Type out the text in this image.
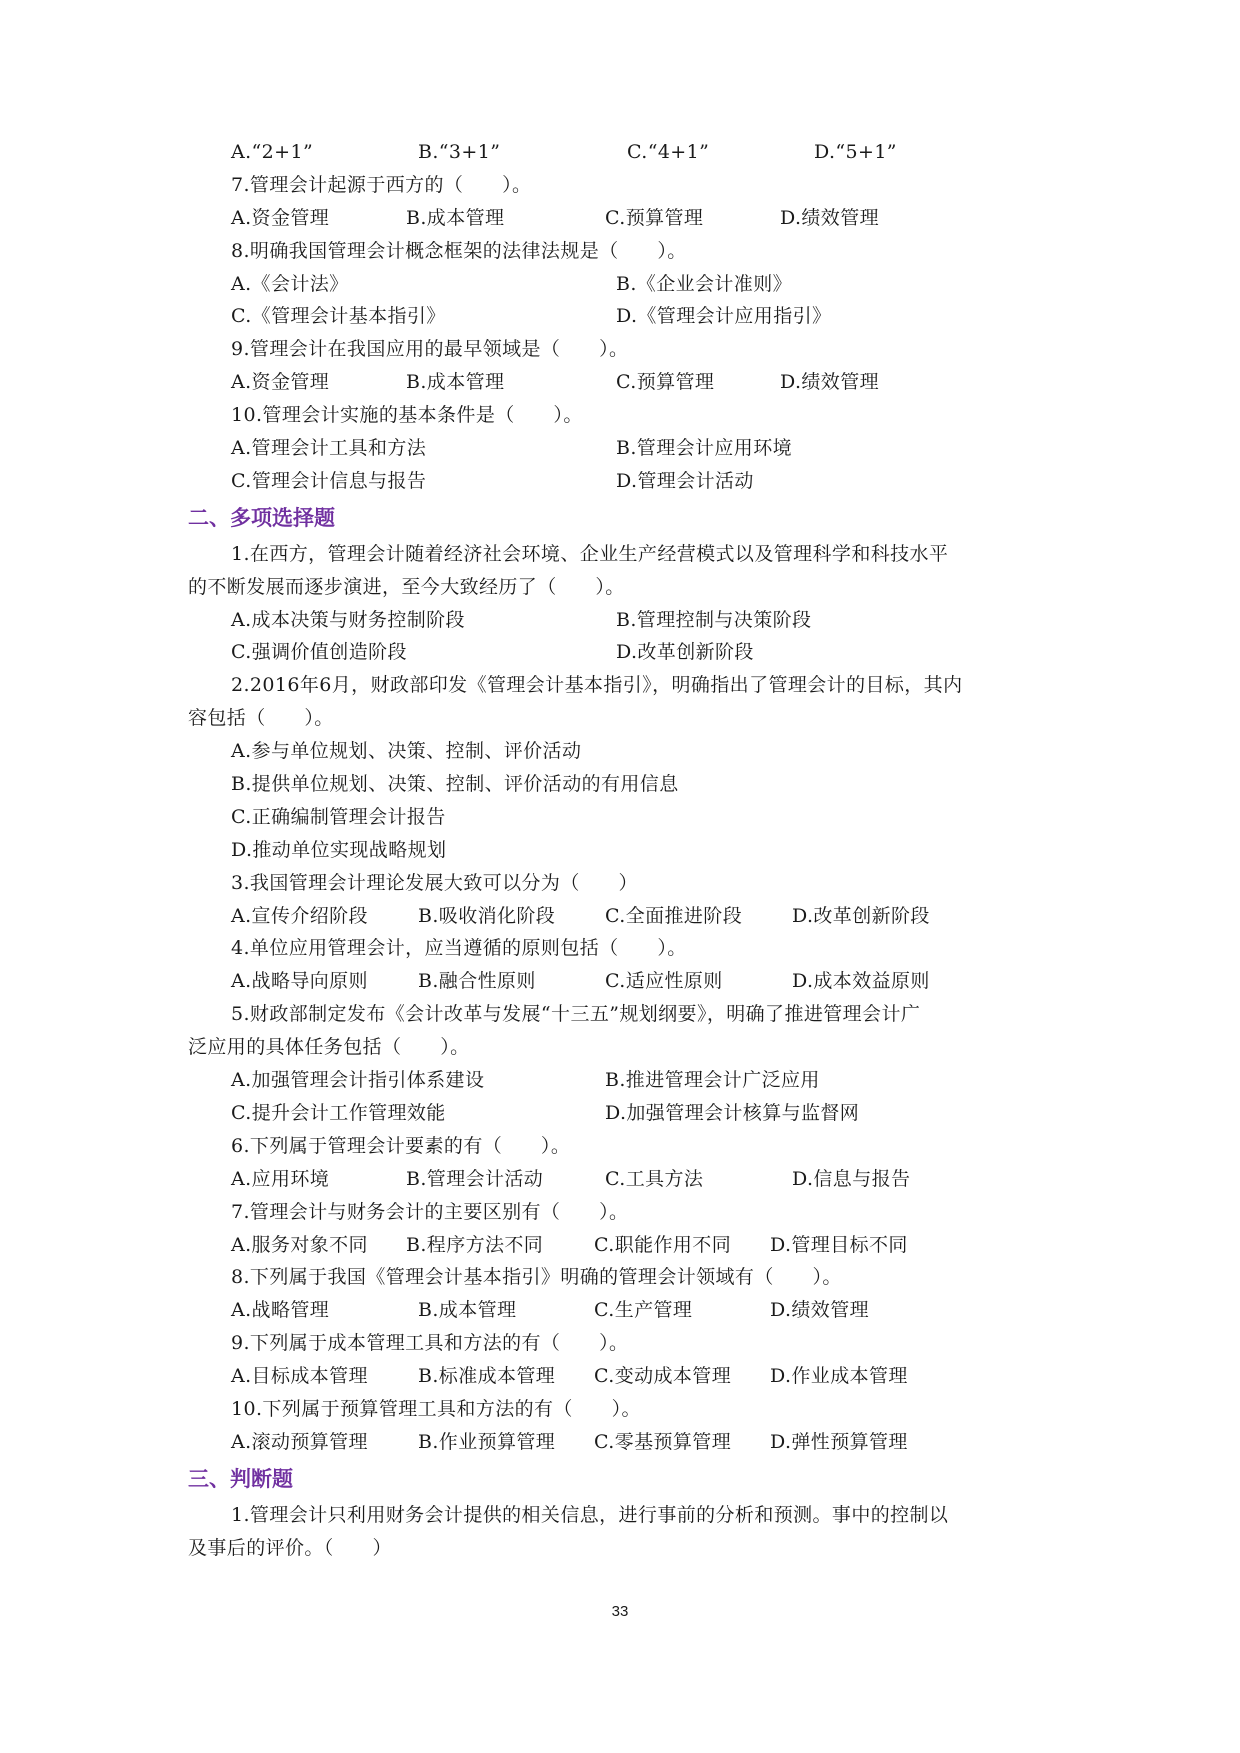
A.“2+1”	B.“3+1”	C.“4+1”	D.“5+1”
7.管理会计起源于西方的（　　）。
A.资金管理	B.成本管理	C.预算管理	D.绩效管理
8.明确我国管理会计概念框架的法律法规是（　　）。
A.《会计法》	B.《企业会计准则》
C.《管理会计基本指引》	D.《管理会计应用指引》
9.管理会计在我国应用的最早领域是（　　）。
A.资金管理	B.成本管理	C.预算管理	D.绩效管理
10.管理会计实施的基本条件是（　　）。
A.管理会计工具和方法	B.管理会计应用环境
C.管理会计信息与报告	D.管理会计活动
二、多项选择题
1.在西方，管理会计随着经济社会环境、企业生产经营模式以及管理科学和科技水平
的不断发展而逐步演进，至今大致经历了（　　）。
A.成本决策与财务控制阶段	B.管理控制与决策阶段
C.强调价值创造阶段	D.改革创新阶段
2.2016年6月，财政部印发《管理会计基本指引》，明确指出了管理会计的目标，其内
容包括（　　）。
A.参与单位规划、决策、控制、评价活动
B.提供单位规划、决策、控制、评价活动的有用信息
C.正确编制管理会计报告
D.推动单位实现战略规划
3.我国管理会计理论发展大致可以分为（　　）
A.宣传介绍阶段	B.吸收消化阶段	C.全面推进阶段	D.改革创新阶段
4.单位应用管理会计，应当遵循的原则包括（　　）。
A.战略导向原则	B.融合性原则	C.适应性原则	D.成本效益原则
5.财政部制定发布《会计改革与发展“十三五”规划纲要》，明确了推进管理会计广
泛应用的具体任务包括（　　）。
A.加强管理会计指引体系建设	B.推进管理会计广泛应用
C.提升会计工作管理效能	D.加强管理会计核算与监督网
6.下列属于管理会计要素的有（　　）。
A.应用环境	B.管理会计活动	C.工具方法	D.信息与报告
7.管理会计与财务会计的主要区别有（　　）。
A.服务对象不同 B.程序方法不同	C.职能作用不同 D.管理目标不同
8.下列属于我国《管理会计基本指引》明确的管理会计领域有（　　）。
A.战略管理	B.成本管理	C.生产管理	D.绩效管理
9.下列属于成本管理工具和方法的有（　　）。
A.目标成本管理	B.标准成本管理 C.变动成本管理 D.作业成本管理
10.下列属于预算管理工具和方法的有（　　）。
A.滚动预算管理	B.作业预算管理 C.零基预算管理 D.弹性预算管理
三、判断题
1.管理会计只利用财务会计提供的相关信息，进行事前的分析和预测。事中的控制以
及事后的评价。（　　）
33
